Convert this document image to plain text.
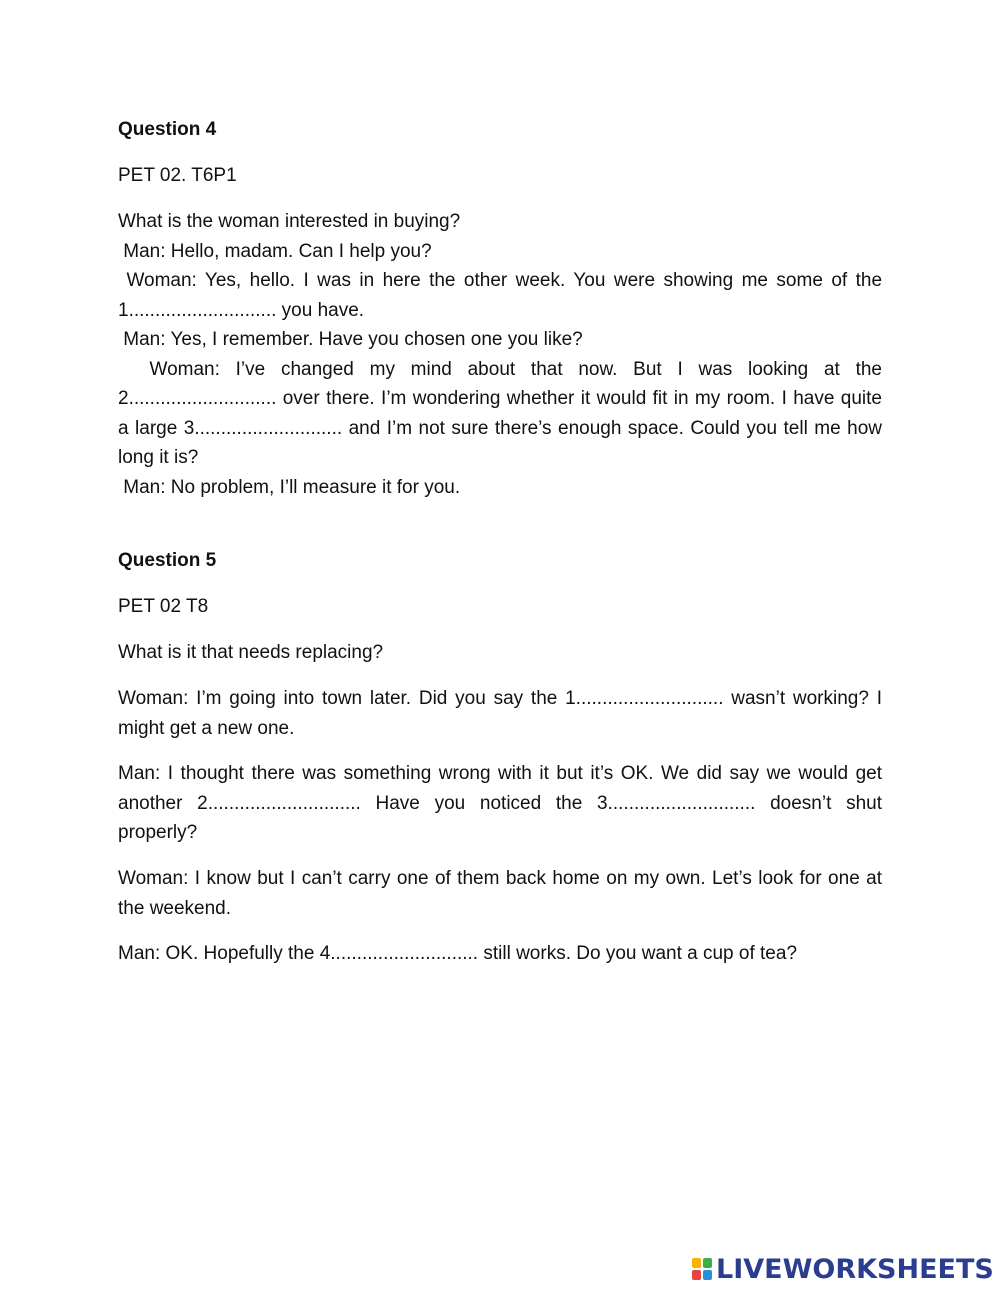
Question 4

PET 02. T6P1

What is the woman interested in buying?

Man: Hello, madam. Can I help you?

Woman: Yes, hello. I was in here the other week. You were showing me some of the 1............................ you have.

Man: Yes, I remember. Have you chosen one you like?

Woman: I’ve changed my mind about that now. But I was looking at the 2............................ over there. I’m wondering whether it would fit in my room. I have quite a large 3............................ and I’m not sure there’s enough space. Could you tell me how long it is?

Man: No problem, I’ll measure it for you.

Question 5

PET 02 T8

What is it that needs replacing?

Woman: I’m going into town later. Did you say the 1............................ wasn’t working? I might get a new one.

Man: I thought there was something wrong with it but it’s OK. We did say we would get another 2............................. Have you noticed the 3............................ doesn’t shut properly?

Woman: I know but I can’t carry one of them back home on my own. Let’s look for one at the weekend.

Man: OK. Hopefully the 4............................ still works. Do you want a cup of tea?

LIVEWORKSHEETS
